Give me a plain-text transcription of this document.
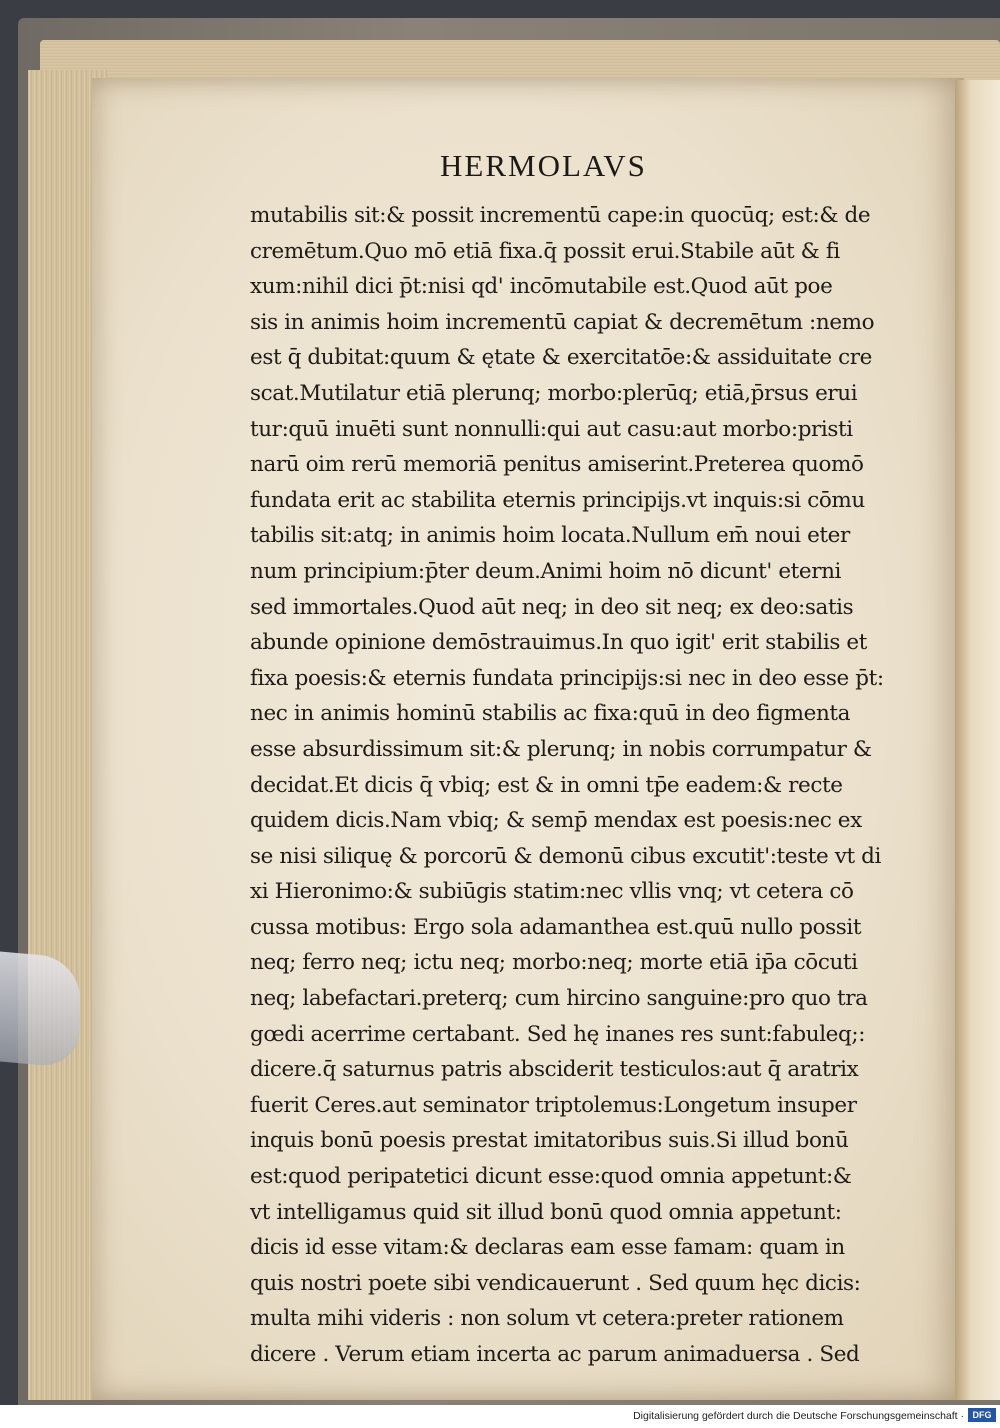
HERMOLAVS
mutabilis sit:& possit incrementū cape:in quocūq; est:& de
cremētum.Quo mō etiā fixa.q̄ possit erui.Stabile aūt & fi
xum:nihil dici p̄t:nisi qd' incōmutabile est.Quod aūt poe
sis in animis hoim incrementū capiat & decremētum :nemo
est q̄ dubitat:quum & ętate & exercitatōe:& assiduitate cre
scat.Mutilatur etiā plerunq; morbo:plerūq; etiā,p̄rsus erui
tur:quū inuēti sunt nonnulli:qui aut casu:aut morbo:pristi
narū oim rerū memoriā penitus amiserint.Preterea quomō
fundata erit ac stabilita eternis principijs.vt inquis:si cōmu
tabilis sit:atq; in animis hoim locata.Nullum em̄ noui eter
num principium:p̄ter deum.Animi hoim nō dicunt' eterni
sed immortales.Quod aūt neq; in deo sit neq; ex deo:satis
abunde opinione demōstrauimus.In quo igit' erit stabilis et
fixa poesis:& eternis fundata principijs:si nec in deo esse p̄t:
nec in animis hominū stabilis ac fixa:quū in deo figmenta
esse absurdissimum sit:& plerunq; in nobis corrumpatur &
decidat.Et dicis q̄ vbiq; est & in omni tp̄e eadem:& recte
quidem dicis.Nam vbiq; & semp̄ mendax est poesis:nec ex
se nisi siliquę & porcorū & demonū cibus excutit':teste vt di
xi Hieronimo:& subiūgis statim:nec vllis vnq; vt cetera cō
cussa motibus: Ergo sola adamanthea est.quū nullo possit
neq; ferro neq; ictu neq; morbo:neq; morte etiā ip̄a cōcuti
neq; labefactari.preterq; cum hircino sanguine:pro quo tra
gœdi acerrime certabant. Sed hę inanes res sunt:fabuleq;:
dicere.q̄ saturnus patris absciderit testiculos:aut q̄ aratrix
fuerit Ceres.aut seminator triptolemus:Longetum insuper
inquis bonū poesis prestat imitatoribus suis.Si illud bonū
est:quod peripatetici dicunt esse:quod omnia appetunt:&
vt intelligamus quid sit illud bonū quod omnia appetunt:
dicis id esse vitam:& declaras eam esse famam: quam in
quis nostri poete sibi vendicauerunt . Sed quum hęc dicis:
multa mihi videris : non solum vt cetera:preter rationem
dicere . Verum etiam incerta ac parum animaduersa . Sed
Digitalisierung gefördert durch die Deutsche Forschungsgemeinschaft · DFG
